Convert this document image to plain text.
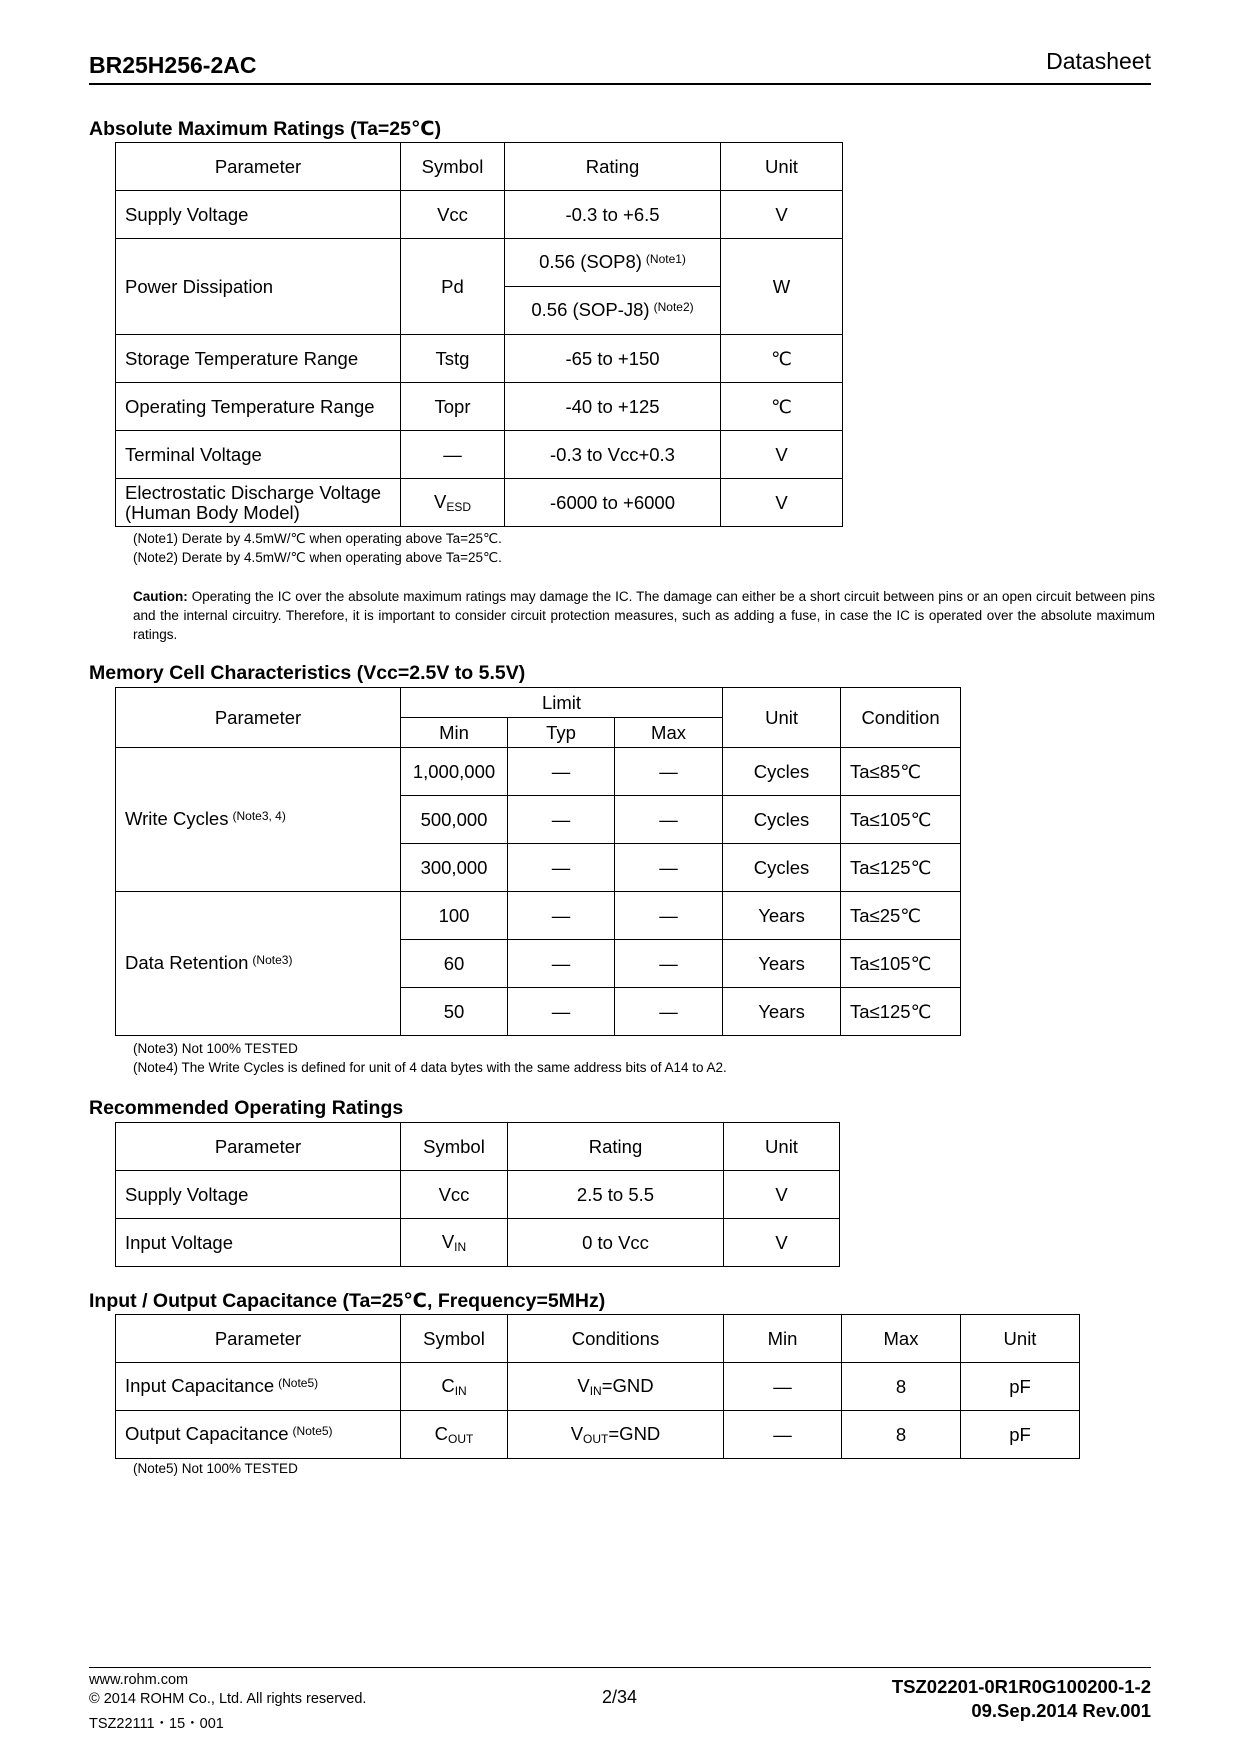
BR25H256-2AC	Datasheet
Absolute Maximum Ratings (Ta=25℃)
Parameter	Symbol	Rating	Unit
Supply Voltage	Vcc	-0.3 to +6.5	V
Power Dissipation	Pd	0.56 (SOP8) $^{(Note1)}$	W
		0.56 (SOP-J8) $^{(Note2)}$
Storage Temperature Range	Tstg	-65 to +150	℃
Operating Temperature Range	Topr	-40 to +125	℃
Terminal Voltage	―	-0.3 to Vcc+0.3	V
Electrostatic Discharge Voltage
(Human Body Model)	$V_{ESD}$	-6000 to +6000	V
(Note1) Derate by 4.5mW/℃ when operating above Ta=25℃.
(Note2) Derate by 4.5mW/℃ when operating above Ta=25℃.
Caution: Operating the IC over the absolute maximum ratings may damage the IC. The damage can either be a short circuit between pins or an open circuit between pins and the internal circuitry. Therefore, it is important to consider circuit protection measures, such as adding a fuse, in case the IC is operated over the absolute maximum ratings.
Memory Cell Characteristics (Vcc=2.5V to 5.5V)
Parameter	Limit			Unit	Condition
	Min	Typ	Max		
Write Cycles $^{(Note3, 4)}$	1,000,000	―	―	Cycles	Ta≤85℃
	500,000	―	―	Cycles	Ta≤105℃
	300,000	―	―	Cycles	Ta≤125℃
Data Retention $^{(Note3)}$	100	―	―	Years	Ta≤25℃
	60	―	―	Years	Ta≤105℃
	50	―	―	Years	Ta≤125℃
(Note3) Not 100% TESTED
(Note4) The Write Cycles is defined for unit of 4 data bytes with the same address bits of A14 to A2.
Recommended Operating Ratings
Parameter	Symbol	Rating	Unit
Supply Voltage	Vcc	2.5 to 5.5	V
Input Voltage	$V_{IN}$	0 to Vcc	V
Input / Output Capacitance (Ta=25℃, Frequency=5MHz)
Parameter	Symbol	Conditions	Min	Max	Unit
Input Capacitance $^{(Note5)}$	$C_{IN}$	$V_{IN}=GND$	―	8	pF
Output Capacitance $^{(Note5)}$	$C_{OUT}$	$V_{OUT}=GND$	―	8	pF
(Note5) Not 100% TESTED
www.rohm.com
© 2014 ROHM Co., Ltd. All rights reserved.
TSZ22111・15・001
2/34	TSZ02201-0R1R0G100200-1-2
09.Sep.2014 Rev.001
